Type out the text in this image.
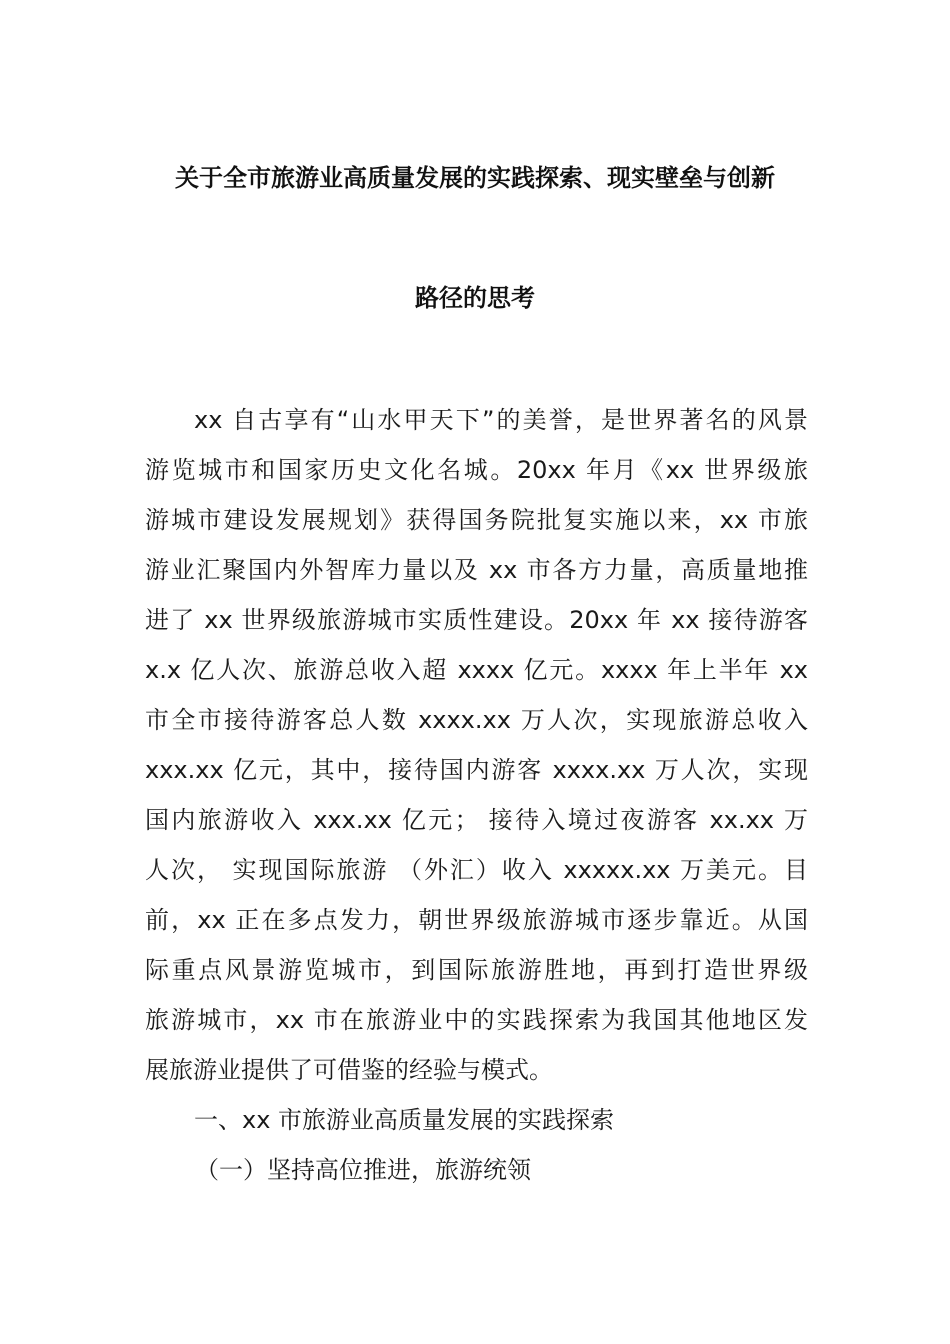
关于全市旅游业高质量发展的实践探索、现实壁垒与创新
路径的思考
xx 自古享有“山水甲天下”的美誉，是世界著名的风景
游览城市和国家历史文化名城。20xx 年月《xx 世界级旅
游城市建设发展规划》获得国务院批复实施以来，xx 市旅
游业汇聚国内外智库力量以及 xx 市各方力量，高质量地推
进了 xx 世界级旅游城市实质性建设。20xx 年 xx 接待游客
x.x 亿人次、旅游总收入超 xxxx 亿元。xxxx 年上半年 xx
市全市接待游客总人数 xxxx.xx 万人次，实现旅游总收入
xxx.xx 亿元，其中，接待国内游客 xxxx.xx 万人次，实现
国内旅游收入 xxx.xx 亿元； 接待入境过夜游客 xx.xx 万
人次， 实现国际旅游 （外汇）收入 xxxxx.xx 万美元。目
前，xx 正在多点发力，朝世界级旅游城市逐步靠近。从国
际重点风景游览城市，到国际旅游胜地，再到打造世界级
旅游城市，xx 市在旅游业中的实践探索为我国其他地区发
展旅游业提供了可借鉴的经验与模式。
一、xx 市旅游业高质量发展的实践探索
（一）坚持高位推进，旅游统领
